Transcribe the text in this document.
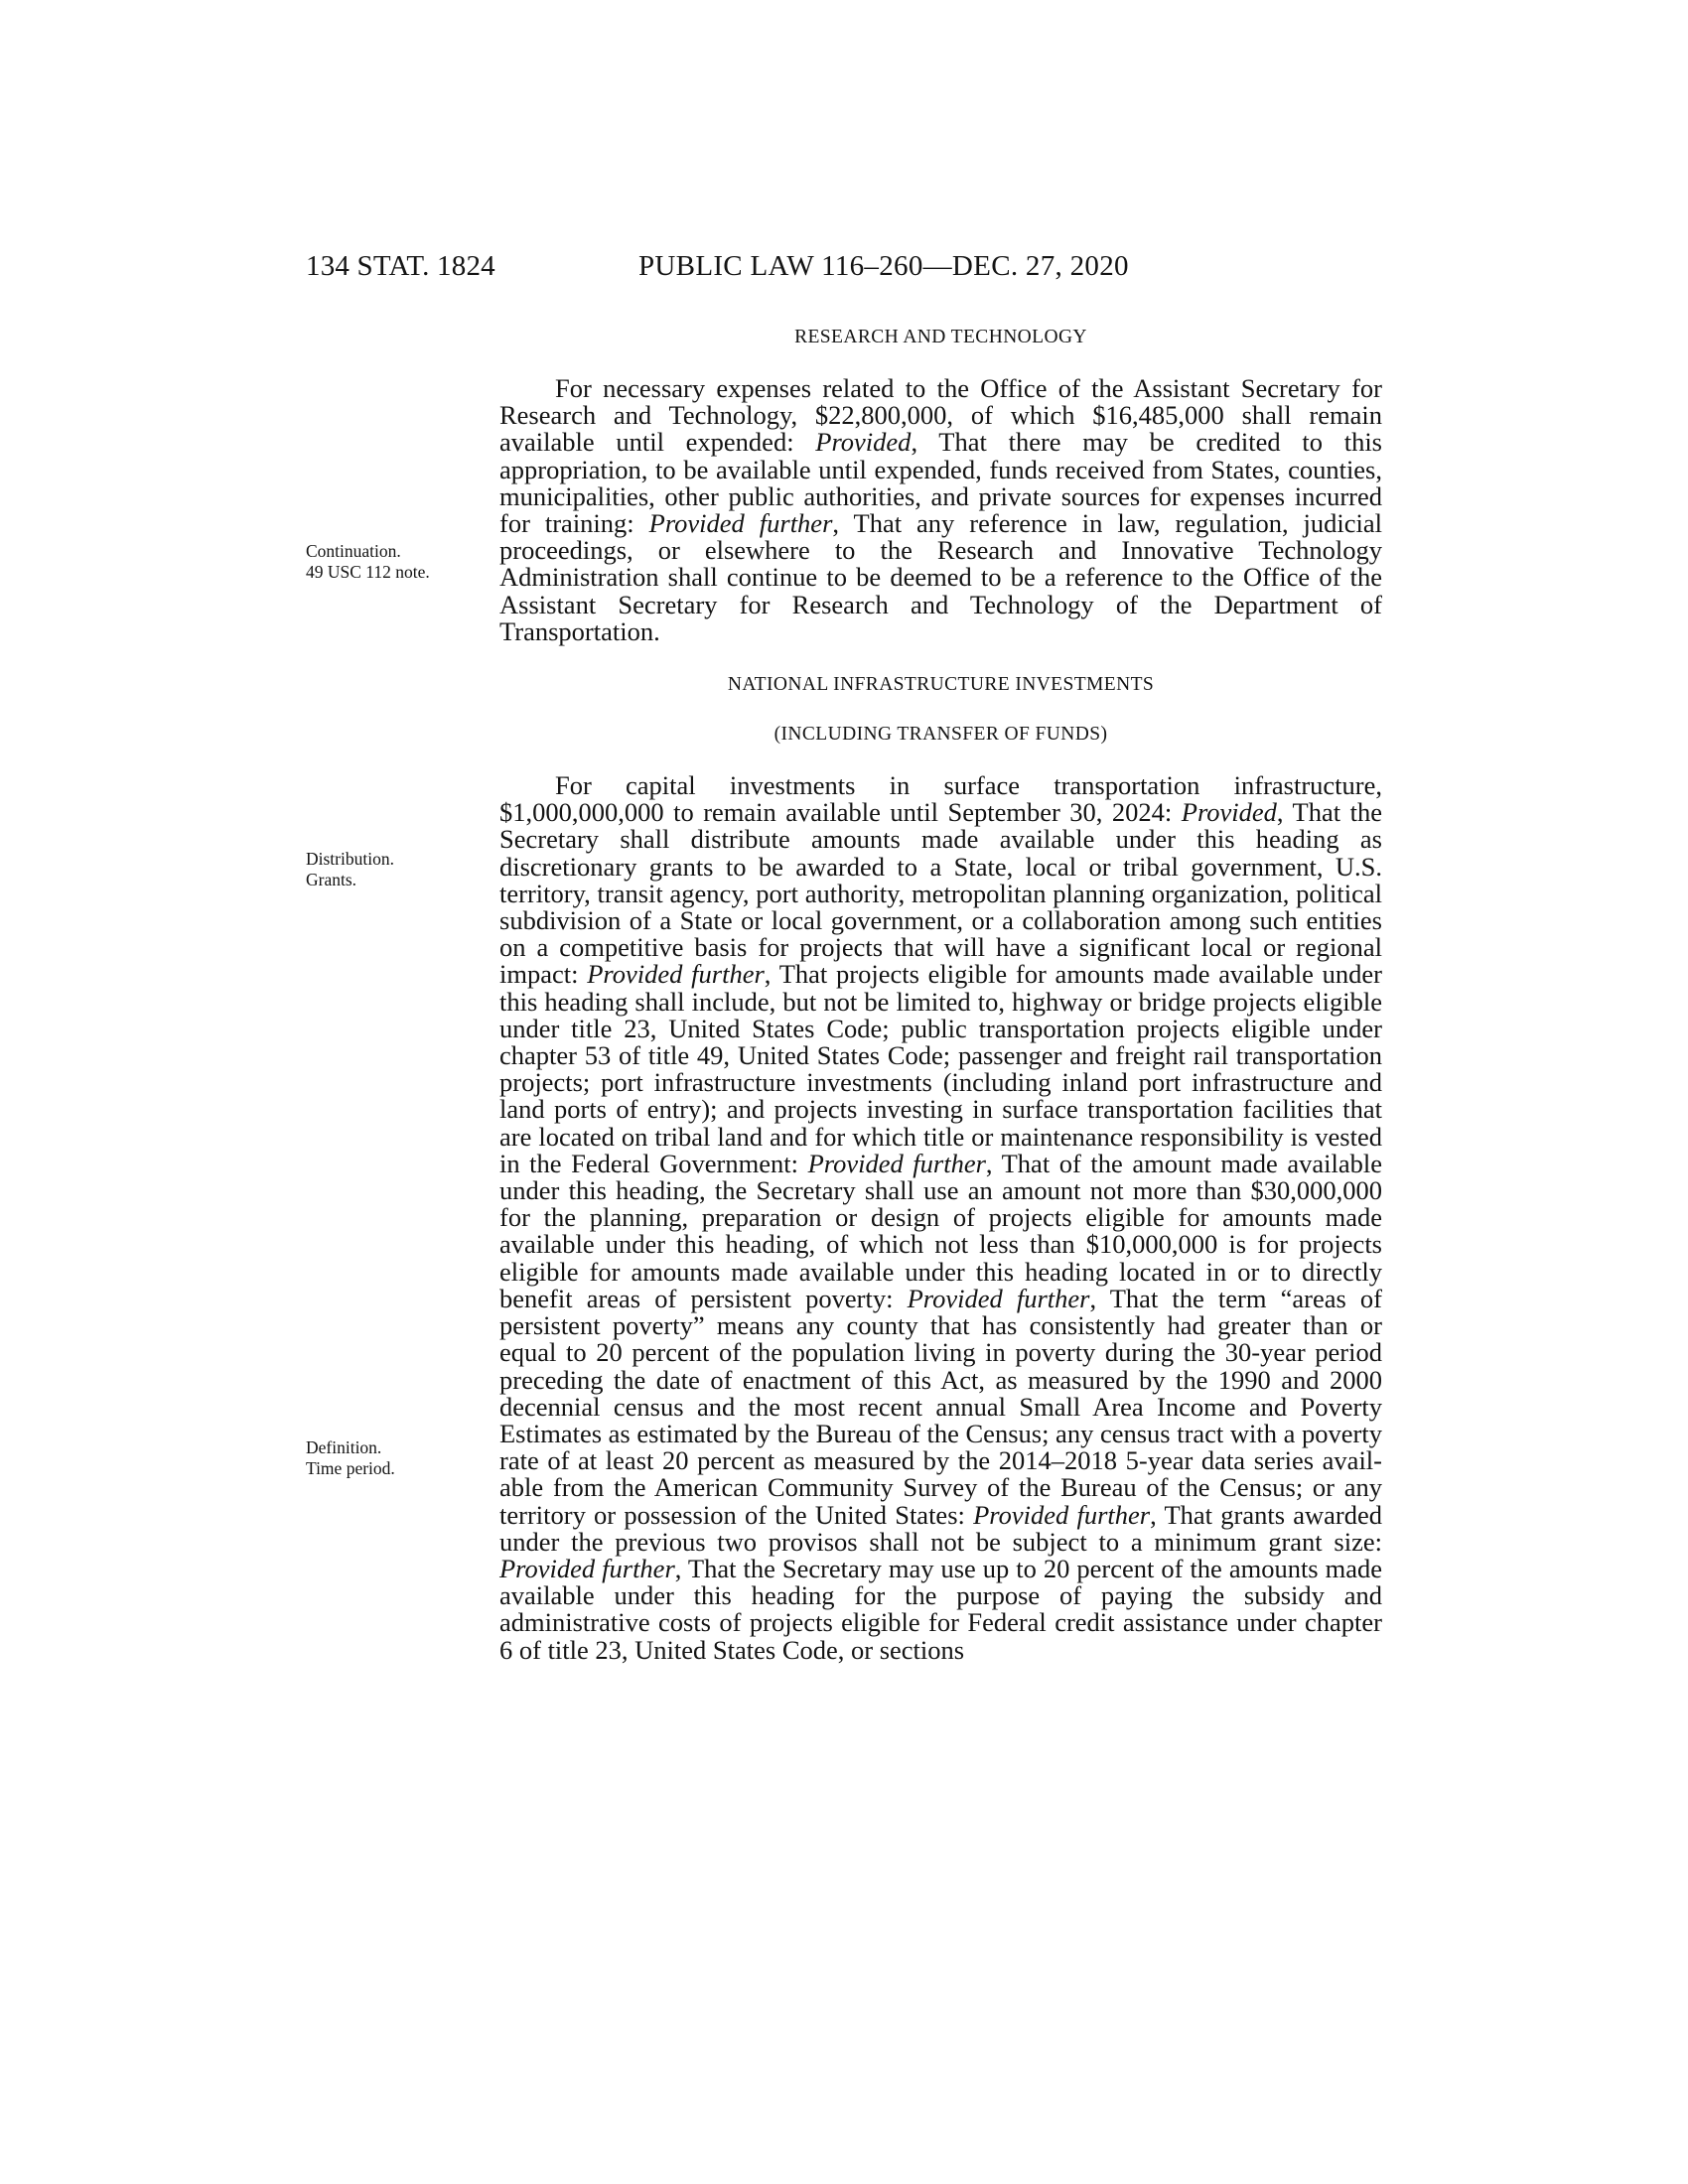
134 STAT. 1824	PUBLIC LAW 116–260—DEC. 27, 2020
Continuation.
49 USC 112 note.
Distribution.
Grants.
Definition.
Time period.
RESEARCH AND TECHNOLOGY

For necessary expenses related to the Office of the Assistant Secretary for Research and Technology, $22,800,000, of which $16,485,000 shall remain available until expended: Provided, That there may be credited to this appropriation, to be available until expended, funds received from States, counties, municipalities, other public authorities, and private sources for expenses incurred for training: Provided further, That any reference in law, regulation, judicial proceedings, or elsewhere to the Research and Innovative Technology Administration shall continue to be deemed to be a reference to the Office of the Assistant Secretary for Research and Technology of the Department of Transportation.

NATIONAL INFRASTRUCTURE INVESTMENTS
(INCLUDING TRANSFER OF FUNDS)

For capital investments in surface transportation infrastructure, $1,000,000,000 to remain available until September 30, 2024: Provided, That the Secretary shall distribute amounts made available under this heading as discretionary grants to be awarded to a State, local or tribal government, U.S. territory, transit agency, port authority, metropolitan planning organization, political subdivision of a State or local government, or a collaboration among such entities on a competitive basis for projects that will have a significant local or regional impact: Provided further, That projects eligible for amounts made available under this heading shall include, but not be limited to, highway or bridge projects eligible under title 23, United States Code; public transportation projects eligible under chapter 53 of title 49, United States Code; passenger and freight rail transportation projects; port infrastructure investments (including inland port infrastructure and land ports of entry); and projects investing in surface transportation facilities that are located on tribal land and for which title or maintenance responsibility is vested in the Federal Government: Provided further, That of the amount made available under this heading, the Secretary shall use an amount not more than $30,000,000 for the planning, preparation or design of projects eligible for amounts made available under this heading, of which not less than $10,000,000 is for projects eligible for amounts made available under this heading located in or to directly benefit areas of persistent poverty: Provided further, That the term “areas of persistent poverty” means any county that has consistently had greater than or equal to 20 percent of the population living in poverty during the 30-year period preceding the date of enactment of this Act, as measured by the 1990 and 2000 decennial census and the most recent annual Small Area Income and Poverty Estimates as estimated by the Bureau of the Census; any census tract with a poverty rate of at least 20 percent as measured by the 2014–2018 5-year data series available from the American Community Survey of the Bureau of the Census; or any territory or possession of the United States: Provided further, That grants awarded under the previous two provisos shall not be subject to a minimum grant size: Provided further, That the Secretary may use up to 20 percent of the amounts made available under this heading for the purpose of paying the subsidy and administrative costs of projects eligible for Federal credit assistance under chapter 6 of title 23, United States Code, or sections
